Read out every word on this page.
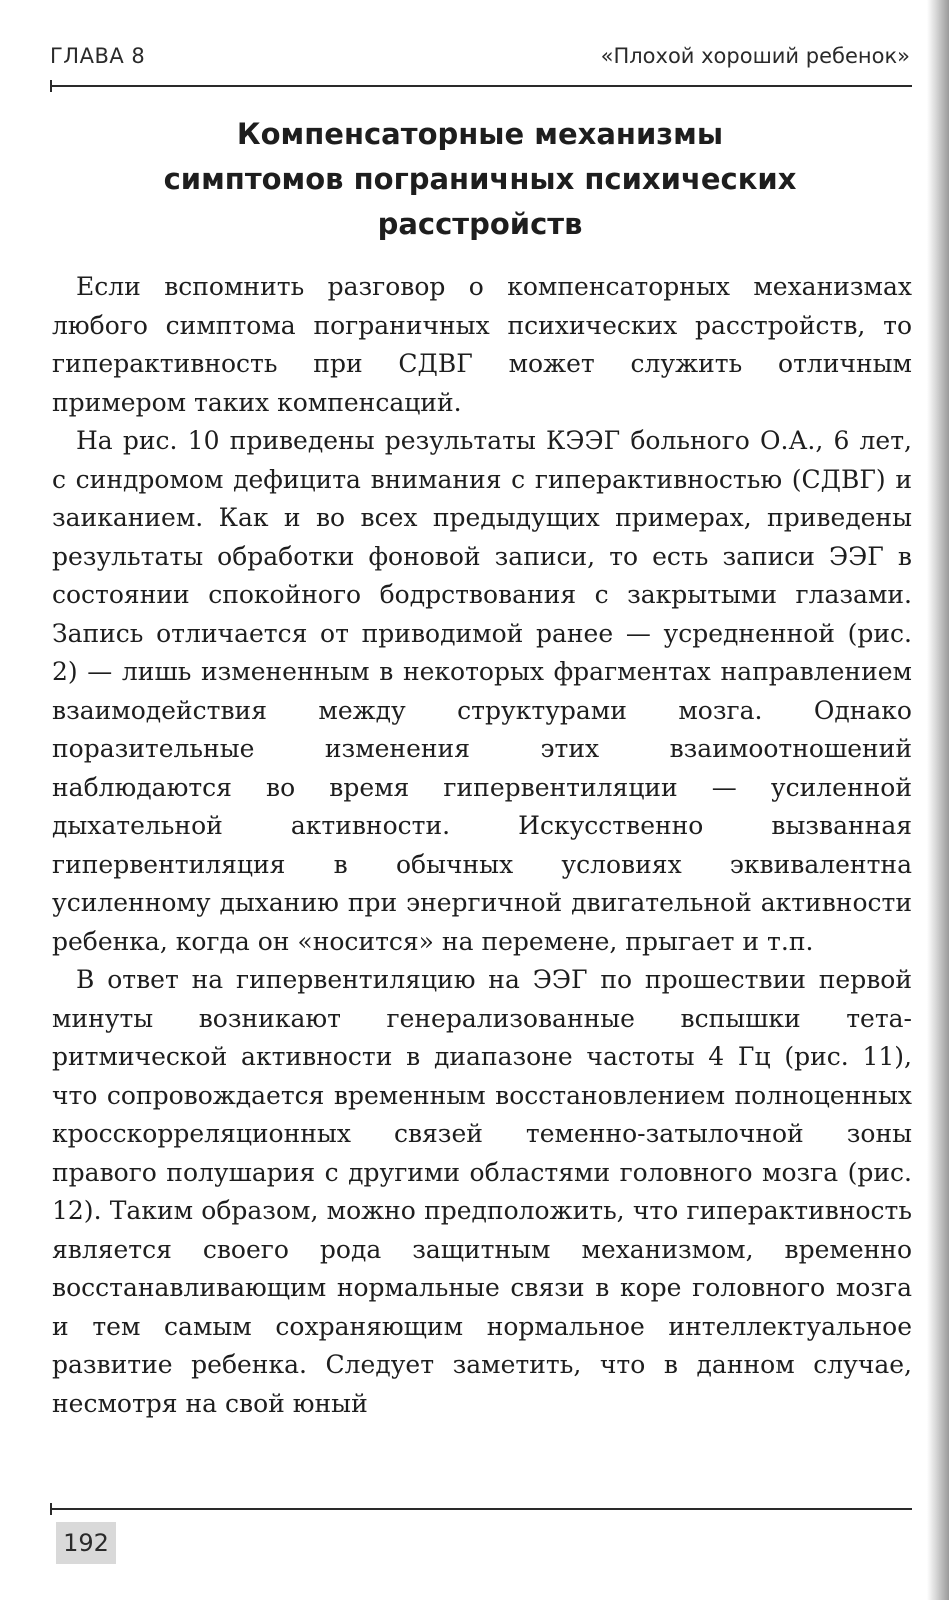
ГЛАВА 8	«Плохой хороший ребенок»
Компенсаторные механизмы
симптомов пограничных психических
расстройств

Если вспомнить разговор о компенсаторных механизмах любого симптома пограничных психических расстройств, то гиперактивность при СДВГ может служить отличным примером таких компенсаций.

На рис. 10 приведены результаты КЭЭГ больного О.А., 6 лет, с синдромом дефицита внимания с гиперактивностью (СДВГ) и заиканием. Как и во всех предыдущих примерах, приведены результаты обработки фоновой записи, то есть записи ЭЭГ в состоянии спокойного бодрствования с закрытыми глазами. Запись отличается от приводимой ранее — усредненной (рис. 2) — лишь измененным в некоторых фрагментах направлением взаимодействия между структурами мозга. Однако поразительные изменения этих взаимоотношений наблюдаются во время гипервентиляции — усиленной дыхательной активности. Искусственно вызванная гипервентиляция в обычных условиях эквивалентна усиленному дыханию при энергичной двигательной активности ребенка, когда он «носится» на перемене, прыгает и т.п.

В ответ на гипервентиляцию на ЭЭГ по прошествии первой минуты возникают генерализованные вспышки тета-ритмической активности в диапазоне частоты 4 Гц (рис. 11), что сопровождается временным восстановлением полноценных кросскорреляционных связей теменно-затылочной зоны правого полушария с другими областями головного мозга (рис. 12). Таким образом, можно предположить, что гиперактивность является своего рода защитным механизмом, временно восстанавливающим нормальные связи в коре головного мозга и тем самым сохраняющим нормальное интеллектуальное развитие ребенка. Следует заметить, что в данном случае, несмотря на свой юный

192
